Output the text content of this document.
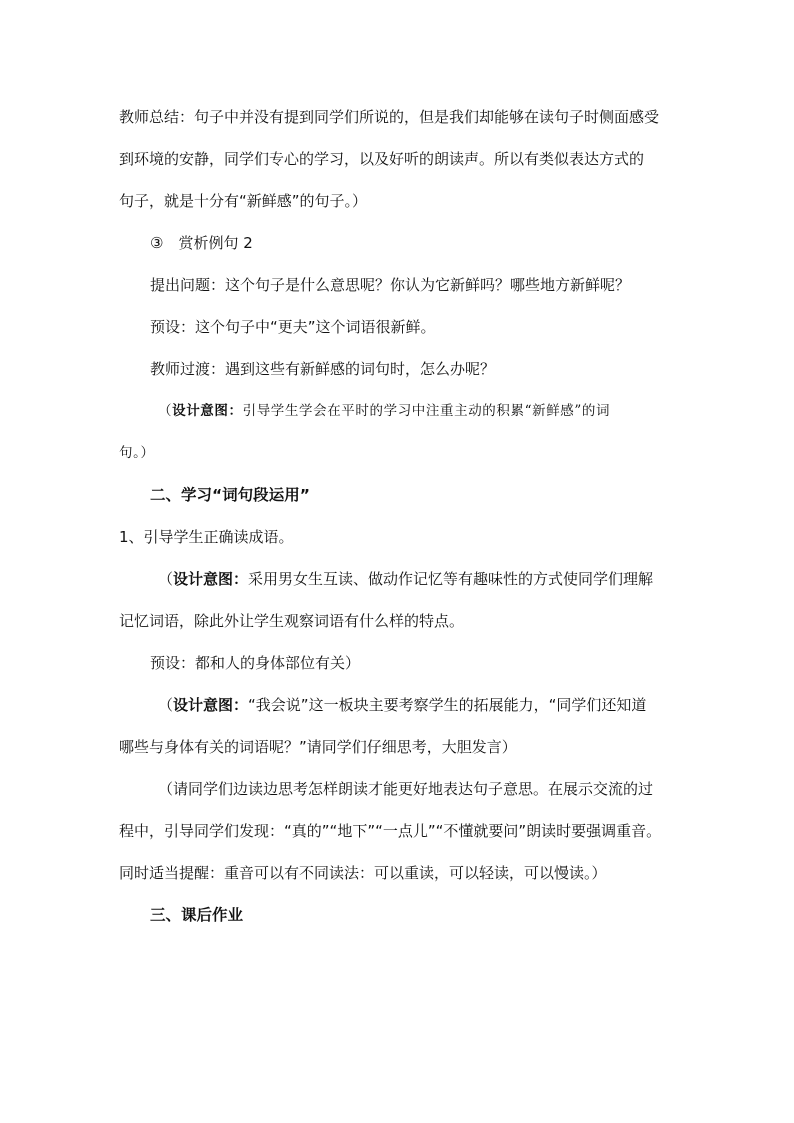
教师总结：句子中并没有提到同学们所说的，但是我们却能够在读句子时侧面感受
到环境的安静，同学们专心的学习，以及好听的朗读声。所以有类似表达方式的
句子，就是十分有“新鲜感”的句子。）
③　赏析例句 2
提出问题：这个句子是什么意思呢？你认为它新鲜吗？哪些地方新鲜呢？
预设：这个句子中“更夫”这个词语很新鲜。
教师过渡：遇到这些有新鲜感的词句时，怎么办呢？
（设计意图：引导学生学会在平时的学习中注重主动的积累“新鲜感”的词
句。）
二、学习“词句段运用”
1、引导学生正确读成语。
（设计意图：采用男女生互读、做动作记忆等有趣味性的方式使同学们理解
记忆词语，除此外让学生观察词语有什么样的特点。
预设：都和人的身体部位有关）
（设计意图：“我会说”这一板块主要考察学生的拓展能力，“同学们还知道
哪些与身体有关的词语呢？”请同学们仔细思考，大胆发言）
（请同学们边读边思考怎样朗读才能更好地表达句子意思。在展示交流的过
程中，引导同学们发现：“真的”“地下”“一点儿”“不懂就要问”朗读时要强调重音。
同时适当提醒：重音可以有不同读法：可以重读，可以轻读，可以慢读。）
三、课后作业
